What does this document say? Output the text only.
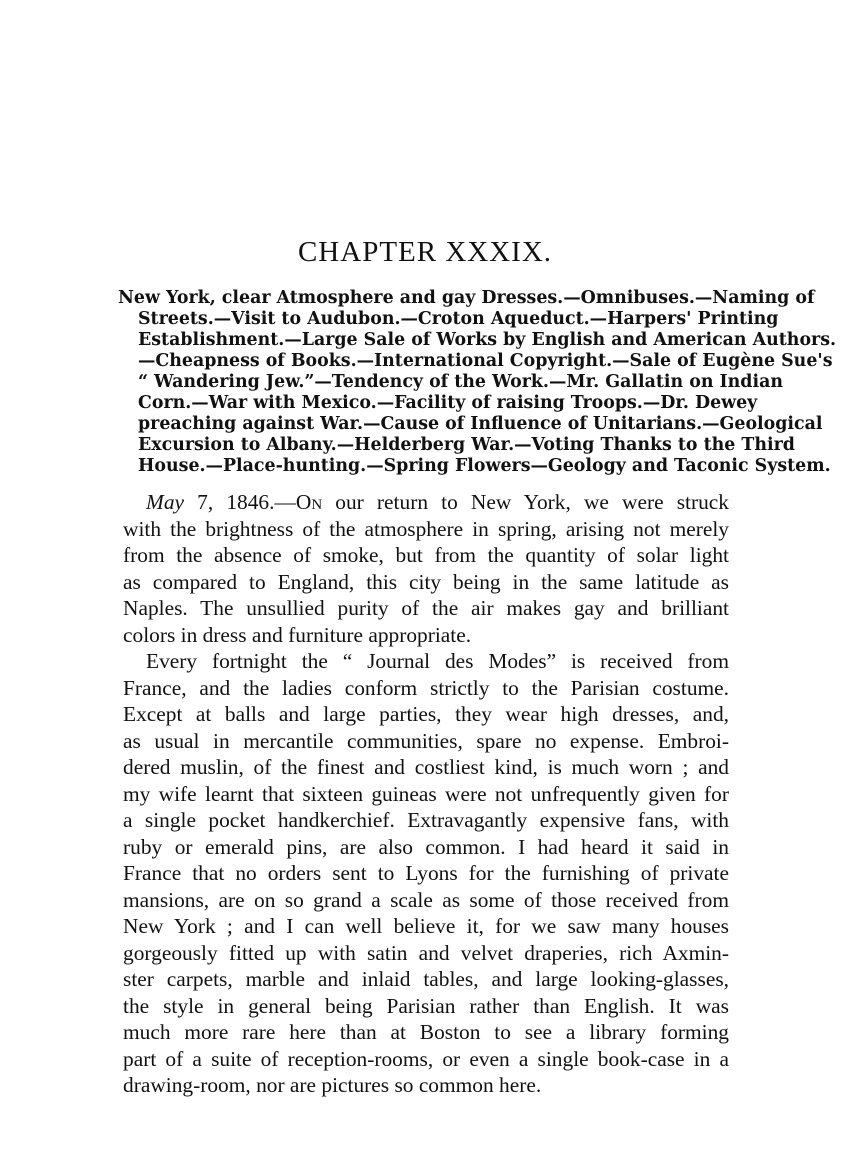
CHAPTER XXXIX.
New York, clear Atmosphere and gay Dresses.—Omnibuses.—Naming of
Streets.—Visit to Audubon.—Croton Aqueduct.—Harpers' Printing
Establishment.—Large Sale of Works by English and American Authors.
—Cheapness of Books.—International Copyright.—Sale of Eugène Sue's
“ Wandering Jew.”—Tendency of the Work.—Mr. Gallatin on Indian
Corn.—War with Mexico.—Facility of raising Troops.—Dr. Dewey
preaching against War.—Cause of Influence of Unitarians.—Geological
Excursion to Albany.—Helderberg War.—Voting Thanks to the Third
House.—Place-hunting.—Spring Flowers—Geology and Taconic System.
May 7, 1846.—On our return to New York, we were struck
with the brightness of the atmosphere in spring, arising not merely
from the absence of smoke, but from the quantity of solar light
as compared to England, this city being in the same latitude as
Naples. The unsullied purity of the air makes gay and brilliant
colors in dress and furniture appropriate.
Every fortnight the “ Journal des Modes” is received from
France, and the ladies conform strictly to the Parisian costume.
Except at balls and large parties, they wear high dresses, and,
as usual in mercantile communities, spare no expense. Embroi-
dered muslin, of the finest and costliest kind, is much worn ; and
my wife learnt that sixteen guineas were not unfrequently given for
a single pocket handkerchief. Extravagantly expensive fans, with
ruby or emerald pins, are also common. I had heard it said in
France that no orders sent to Lyons for the furnishing of private
mansions, are on so grand a scale as some of those received from
New York ; and I can well believe it, for we saw many houses
gorgeously fitted up with satin and velvet draperies, rich Axmin-
ster carpets, marble and inlaid tables, and large looking-glasses,
the style in general being Parisian rather than English. It was
much more rare here than at Boston to see a library forming
part of a suite of reception-rooms, or even a single book-case in a
drawing-room, nor are pictures so common here.
